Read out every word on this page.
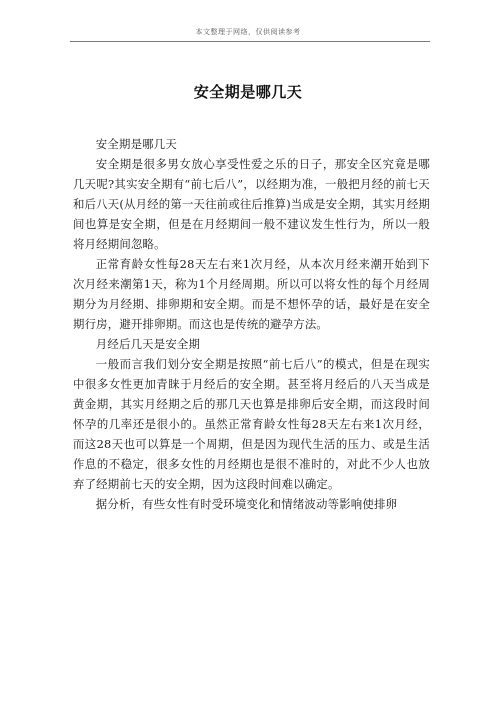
本文整理于网络，仅供阅读参考
安全期是哪几天

安全期是哪几天

安全期是很多男女放心享受性爱之乐的日子，那安全区究竟是哪几天呢?其实安全期有“前七后八”，以经期为准，一般把月经的前七天和后八天(从月经的第一天往前或往后推算)当成是安全期，其实月经期间也算是安全期，但是在月经期间一般不建议发生性行为，所以一般将月经期间忽略。

正常育龄女性每28天左右来1次月经，从本次月经来潮开始到下次月经来潮第1天，称为1个月经周期。所以可以将女性的每个月经周期分为月经期、排卵期和安全期。而是不想怀孕的话，最好是在安全期行房，避开排卵期。而这也是传统的避孕方法。

月经后几天是安全期

一般而言我们划分安全期是按照“前七后八”的模式，但是在现实中很多女性更加青睐于月经后的安全期。甚至将月经后的八天当成是黄金期，其实月经期之后的那几天也算是排卵后安全期，而这段时间怀孕的几率还是很小的。虽然正常育龄女性每28天左右来1次月经，而这28天也可以算是一个周期，但是因为现代生活的压力、或是生活作息的不稳定，很多女性的月经期也是很不准时的，对此不少人也放弃了经期前七天的安全期，因为这段时间难以确定。

据分析，有些女性有时受环境变化和情绪波动等影响使排卵
